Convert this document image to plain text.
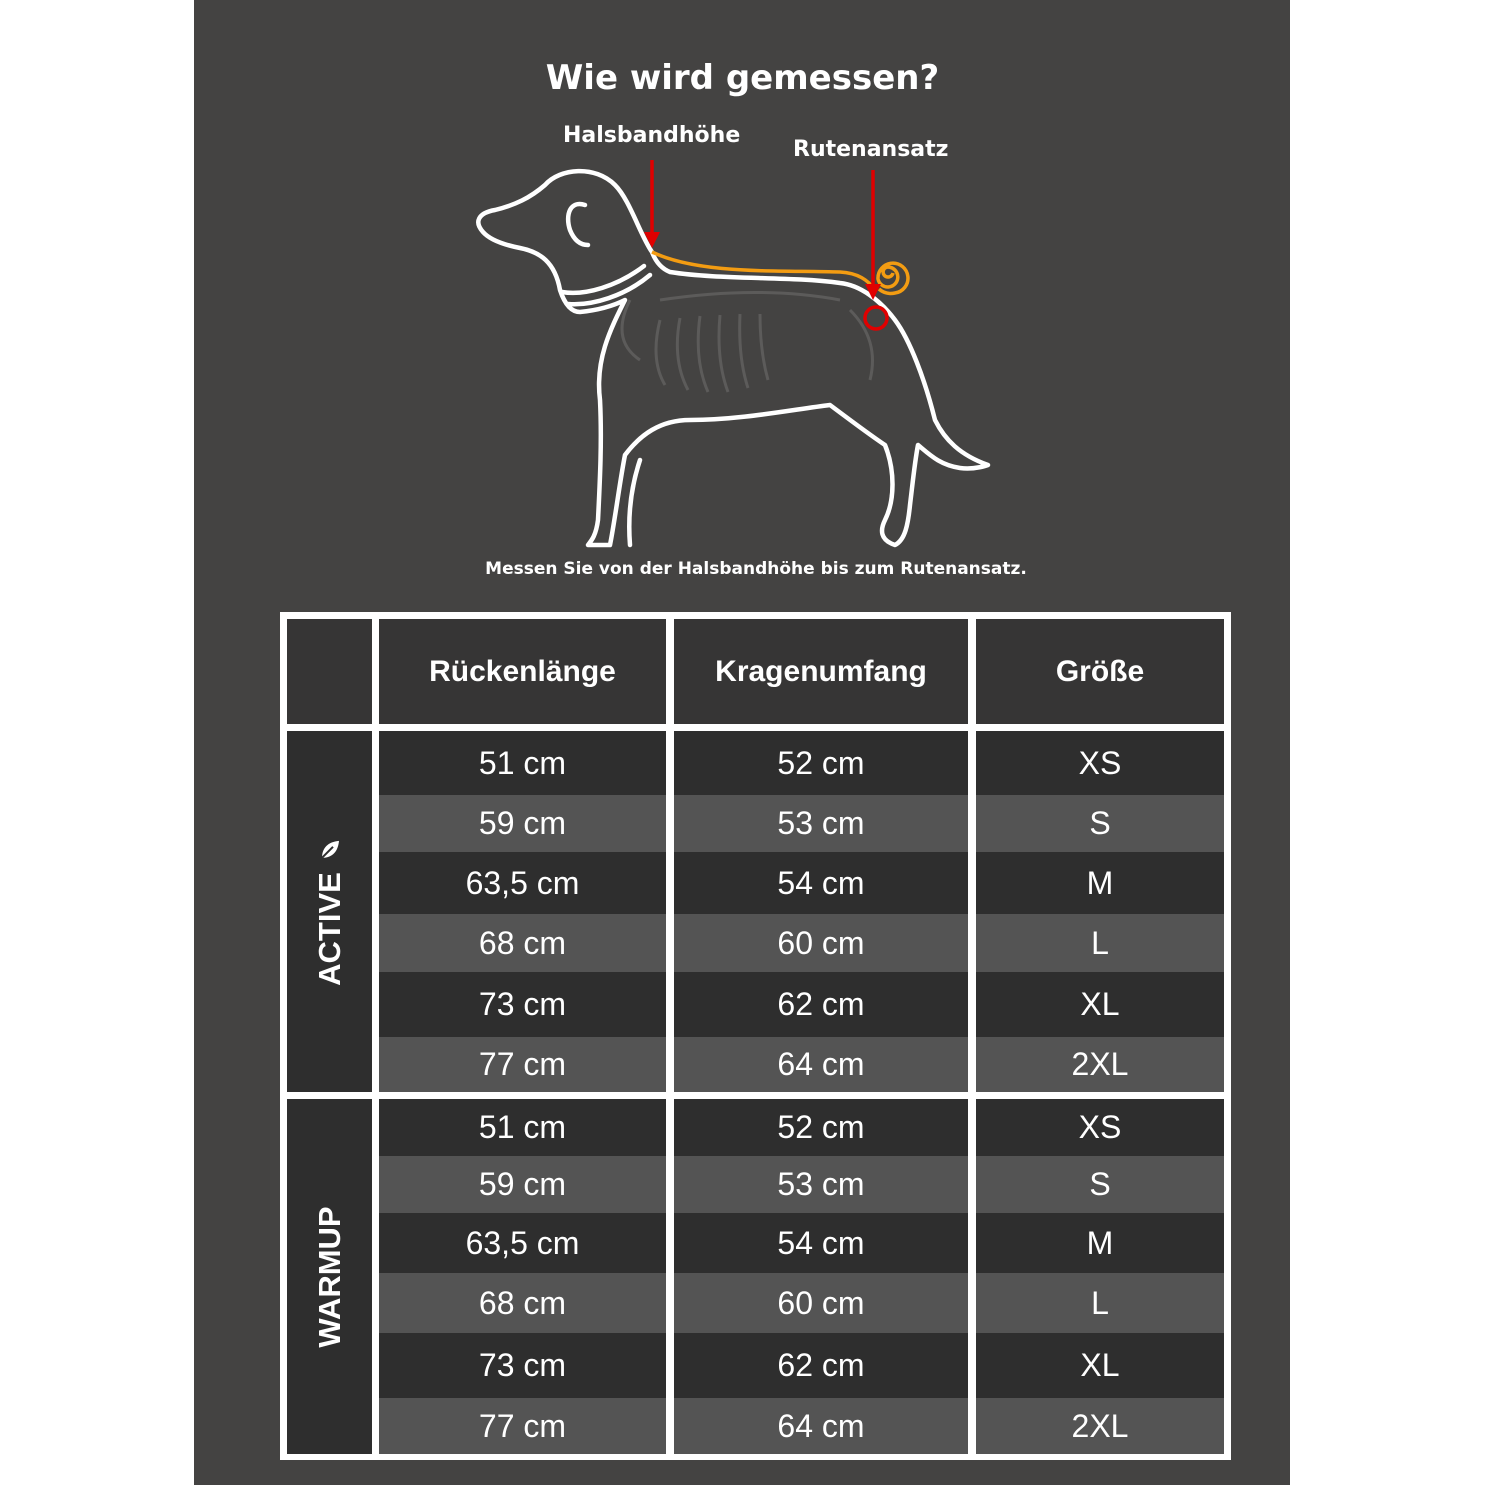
Wie wird gemessen?
Halsbandhöhe
Rutenansatz
Messen Sie von der Halsbandhöhe bis zum Rutenansatz.
Rückenlänge	Kragenumfang	Größe
ACTIVE
51 cm	52 cm	XS
59 cm	53 cm	S
63,5 cm	54 cm	M
68 cm	60 cm	L
73 cm	62 cm	XL
77 cm	64 cm	2XL
WARMUP
51 cm	52 cm	XS
59 cm	53 cm	S
63,5 cm	54 cm	M
68 cm	60 cm	L
73 cm	62 cm	XL
77 cm	64 cm	2XL
